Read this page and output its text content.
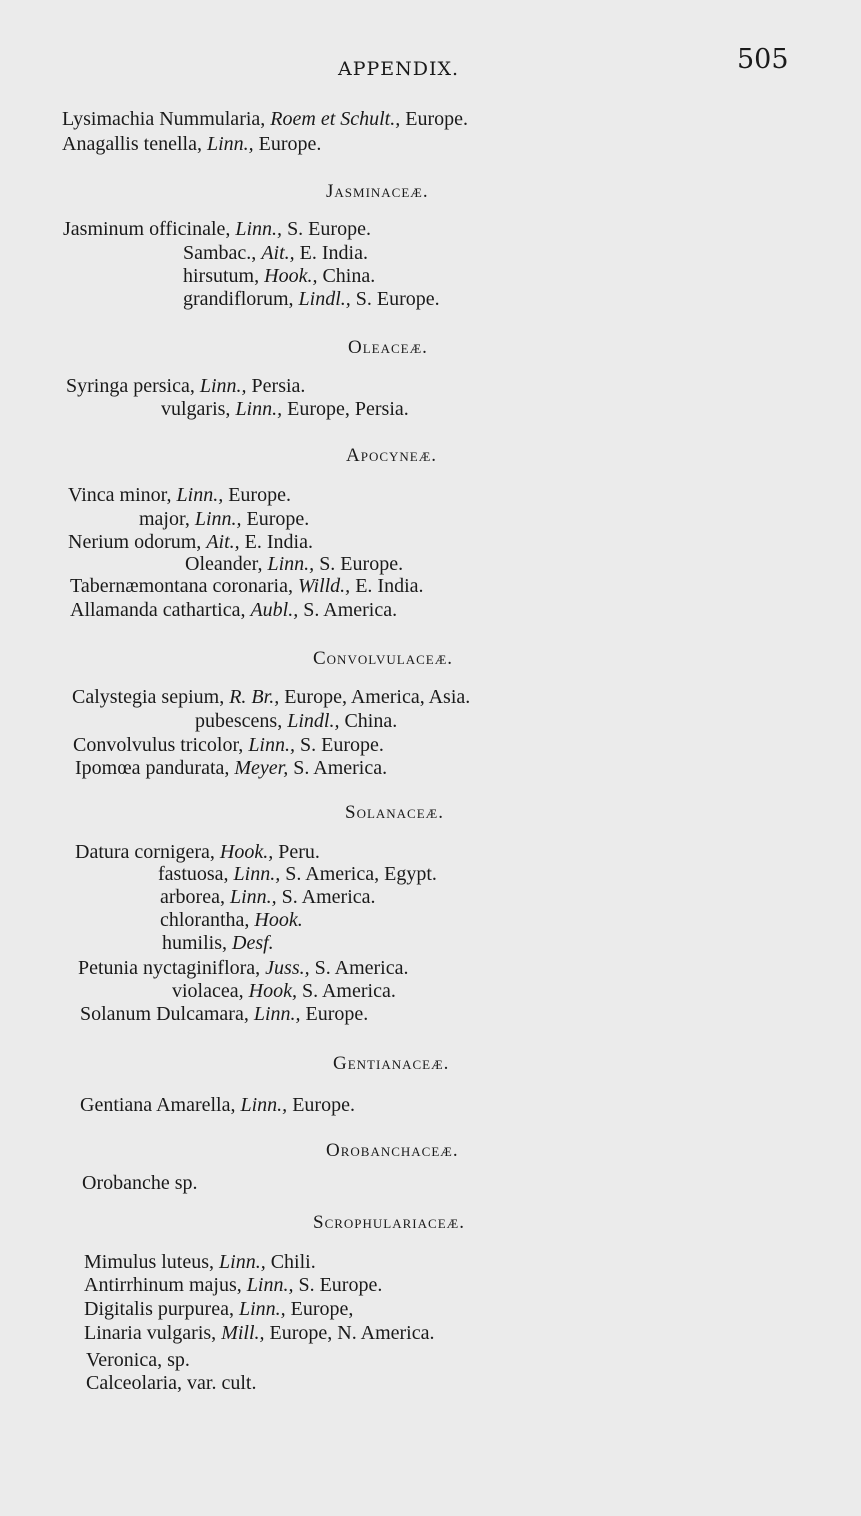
APPENDIX.	505

Lysimachia Nummularia, Roem et Schult., Europe.

Anagallis tenella, Linn., Europe.

Jasminaceæ.

Jasminum officinale, Linn., S. Europe.

Sambac., Ait., E. India.

hirsutum, Hook., China.

grandiflorum, Lindl., S. Europe.

Oleaceæ.

Syringa persica, Linn., Persia.

vulgaris, Linn., Europe, Persia.

Apocyneæ.

Vinca minor, Linn., Europe.

major, Linn., Europe.

Nerium odorum, Ait., E. India.

Oleander, Linn., S. Europe.

Tabernæmontana coronaria, Willd., E. India.

Allamanda cathartica, Aubl., S. America.

Convolvulaceæ.

Calystegia sepium, R. Br., Europe, America, Asia.

pubescens, Lindl., China.

Convolvulus tricolor, Linn., S. Europe.

Ipomœa pandurata, Meyer, S. America.

Solanaceæ.

Datura cornigera, Hook., Peru.

fastuosa, Linn., S. America, Egypt.

arborea, Linn., S. America.

chlorantha, Hook.

humilis, Desf.

Petunia nyctaginiflora, Juss., S. America.

violacea, Hook, S. America.

Solanum Dulcamara, Linn., Europe.

Gentianaceæ.

Gentiana Amarella, Linn., Europe.

Orobanchaceæ.

Orobanche sp.

Scrophulariaceæ.

Mimulus luteus, Linn., Chili.

Antirrhinum majus, Linn., S. Europe.

Digitalis purpurea, Linn., Europe,

Linaria vulgaris, Mill., Europe, N. America.

Veronica, sp.

Calceolaria, var. cult.
